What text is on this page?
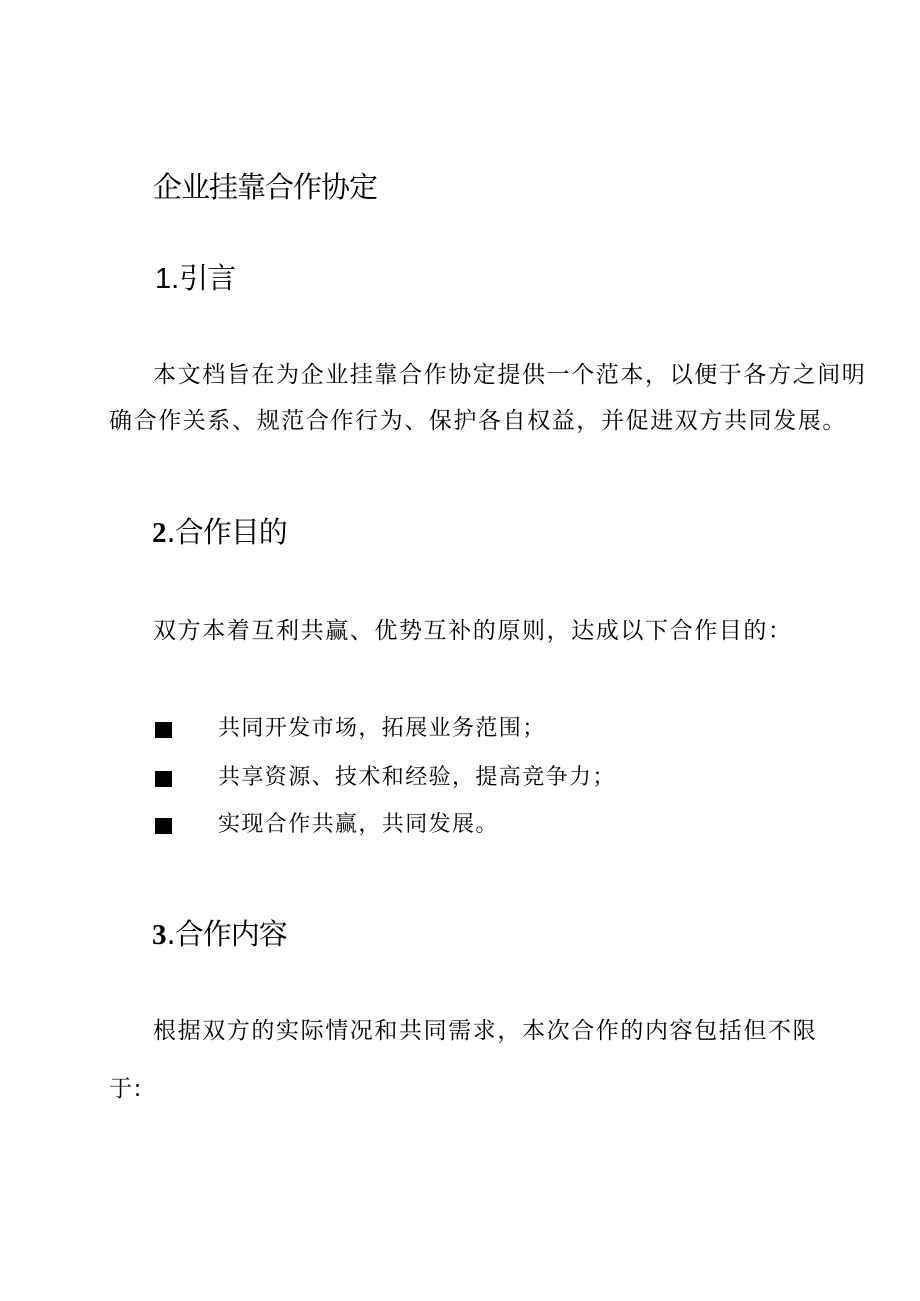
企业挂靠合作协定
1.引言
本文档旨在为企业挂靠合作协定提供一个范本，以便于各方之间明
确合作关系、规范合作行为、保护各自权益，并促进双方共同发展。
2.合作目的
双方本着互利共赢、优势互补的原则，达成以下合作目的：
共同开发市场，拓展业务范围；
共享资源、技术和经验，提高竞争力；
实现合作共赢，共同发展。
3.合作内容
根据双方的实际情况和共同需求，本次合作的内容包括但不限
于:
